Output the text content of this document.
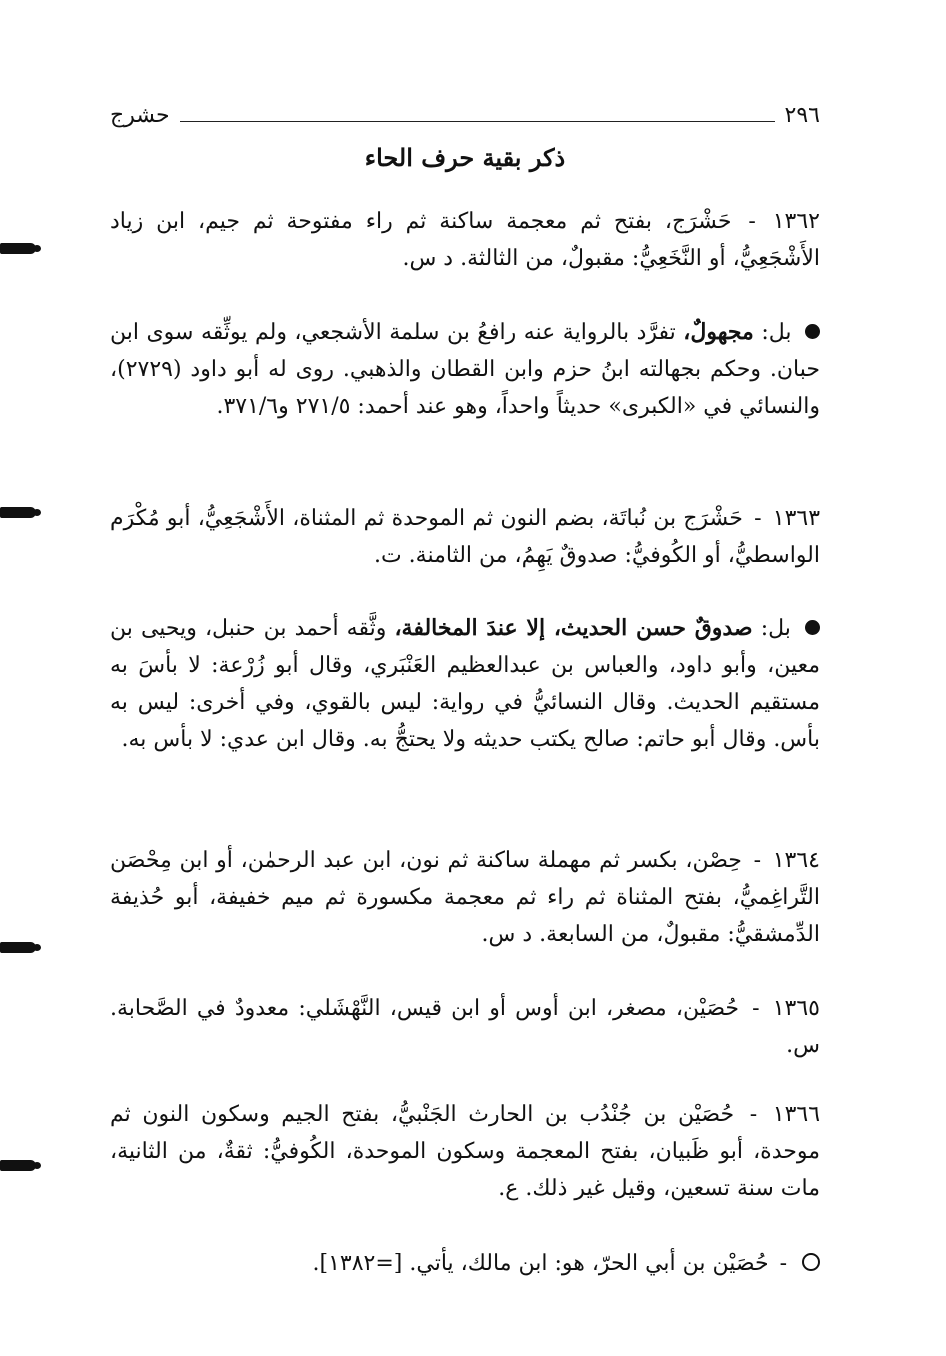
٢٩٦
حشرج
ذكر بقية حرف الحاء
١٣٦٢ - حَشْرَج، بفتح ثم معجمة ساكنة ثم راء مفتوحة ثم جيم، ابن زياد الأَشْجَعِيُّ، أو النَّخَعِيُّ: مقبولٌ، من الثالثة. د س.
بل: مجهولٌ، تفرَّد بالرواية عنه رافعُ بن سلمة الأشجعي، ولم يوثِّقه سوى ابن حبان. وحكم بجهالته ابنُ حزم وابن القطان والذهبي. روى له أبو داود (٢٧٢٩)، والنسائي في «الكبرى» حديثاً واحداً، وهو عند أحمد: ٢٧١/٥ و٣٧١/٦.
١٣٦٣ - حَشْرَج بن نُباتَة، بضم النون ثم الموحدة ثم المثناة، الأَشْجَعِيُّ، أبو مُكْرَم الواسطيُّ، أو الكُوفيُّ: صدوقٌ يَهِمُ، من الثامنة. ت.
بل: صدوقٌ حسن الحديث، إلا عندَ المخالفة، وثَّقه أحمد بن حنبل، ويحيى بن معين، وأبو داود، والعباس بن عبدالعظيم العَنْبَري، وقال أبو زُرْعة: لا بأسَ به مستقيم الحديث. وقال النسائيُّ في رواية: ليس بالقوي، وفي أخرى: ليس به بأس. وقال أبو حاتم: صالح يكتب حديثه ولا يحتجُّ به. وقال ابن عدي: لا بأس به.
١٣٦٤ - حِصْن، بكسر ثم مهملة ساكنة ثم نون، ابن عبد الرحمٰن، أو ابن مِحْصَن التَّراغِميُّ، بفتح المثناة ثم راء ثم معجمة مكسورة ثم ميم خفيفة، أبو حُذيفة الدِّمشقيُّ: مقبولٌ، من السابعة. د س.
١٣٦٥ - حُصَيْن، مصغر، ابن أوس أو ابن قيس، النَّهْشَلي: معدودٌ في الصَّحابة. س.
١٣٦٦ - حُصَيْن بن جُنْدُب بن الحارث الجَنْبيُّ، بفتح الجيم وسكون النون ثم موحدة، أبو ظَبيان، بفتح المعجمة وسكون الموحدة، الكُوفيُّ: ثقةٌ، من الثانية، مات سنة تسعين، وقيل غير ذلك. ع.
- حُصَيْن بن أبي الحرّ، هو: ابن مالك، يأتي. [=١٣٨٢].
